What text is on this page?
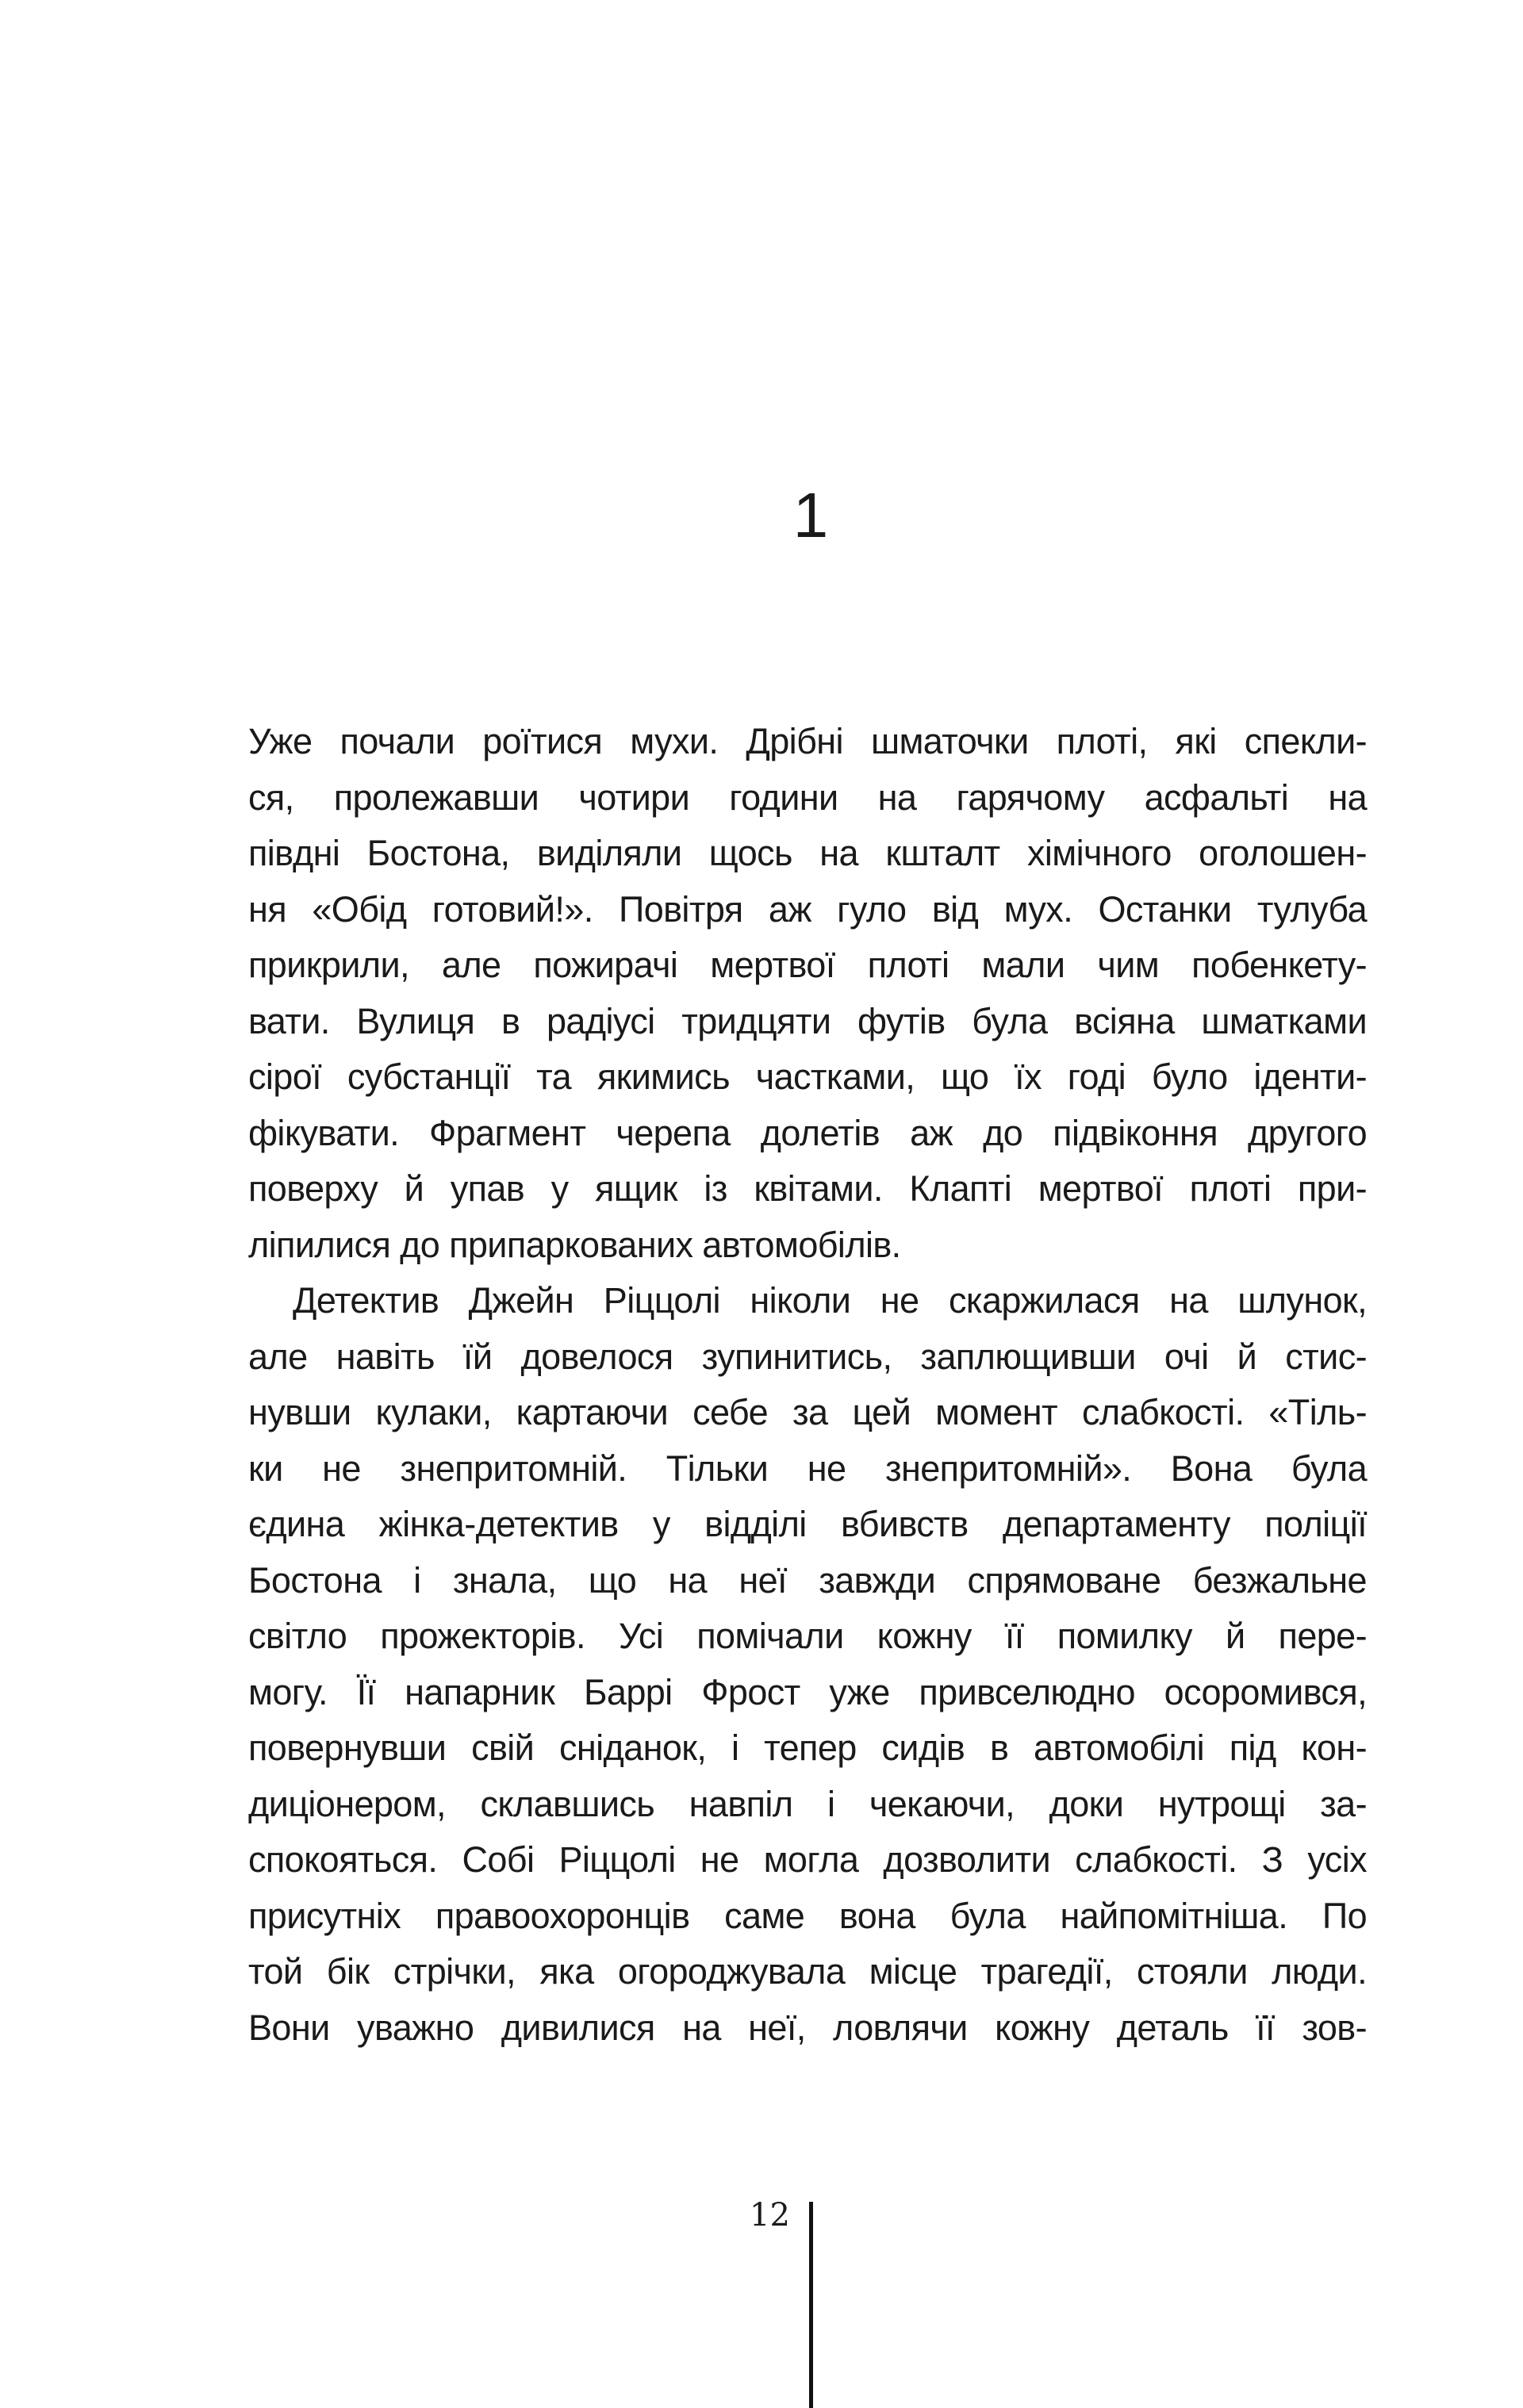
1
Уже почали роїтися мухи. Дрібні шматочки плоті, які спекли-
ся, пролежавши чотири години на гарячому асфальті на
півдні Бостона, виділяли щось на кшталт хімічного оголошен-
ня «Обід готовий!». Повітря аж гуло від мух. Останки тулуба
прикрили, але пожирачі мертвої плоті мали чим побенкету-
вати. Вулиця в радіусі тридцяти футів була всіяна шматками
сірої субстанції та якимись частками, що їх годі було іденти-
фікувати. Фрагмент черепа долетів аж до підвіконня другого
поверху й упав у ящик із квітами. Клапті мертвої плоті при-
ліпилися до припаркованих автомобілів.
Детектив Джейн Ріццолі ніколи не скаржилася на шлунок,
але навіть їй довелося зупинитись, заплющивши очі й стис-
нувши кулаки, картаючи себе за цей момент слабкості. «Тіль-
ки не знепритомній. Тільки не знепритомній». Вона була
єдина жінка-детектив у відділі вбивств департаменту поліції
Бостона і знала, що на неї завжди спрямоване безжальне
світло прожекторів. Усі помічали кожну її помилку й пере-
могу. Її напарник Баррі Фрост уже привселюдно осоромився,
повернувши свій сніданок, і тепер сидів в автомобілі під кон-
диціонером, склавшись навпіл і чекаючи, доки нутрощі за-
спокояться. Собі Ріццолі не могла дозволити слабкості. З усіх
присутніх правоохоронців саме вона була найпомітніша. По
той бік стрічки, яка огороджувала місце трагедії, стояли люди.
Вони уважно дивилися на неї, ловлячи кожну деталь її зов-
12
